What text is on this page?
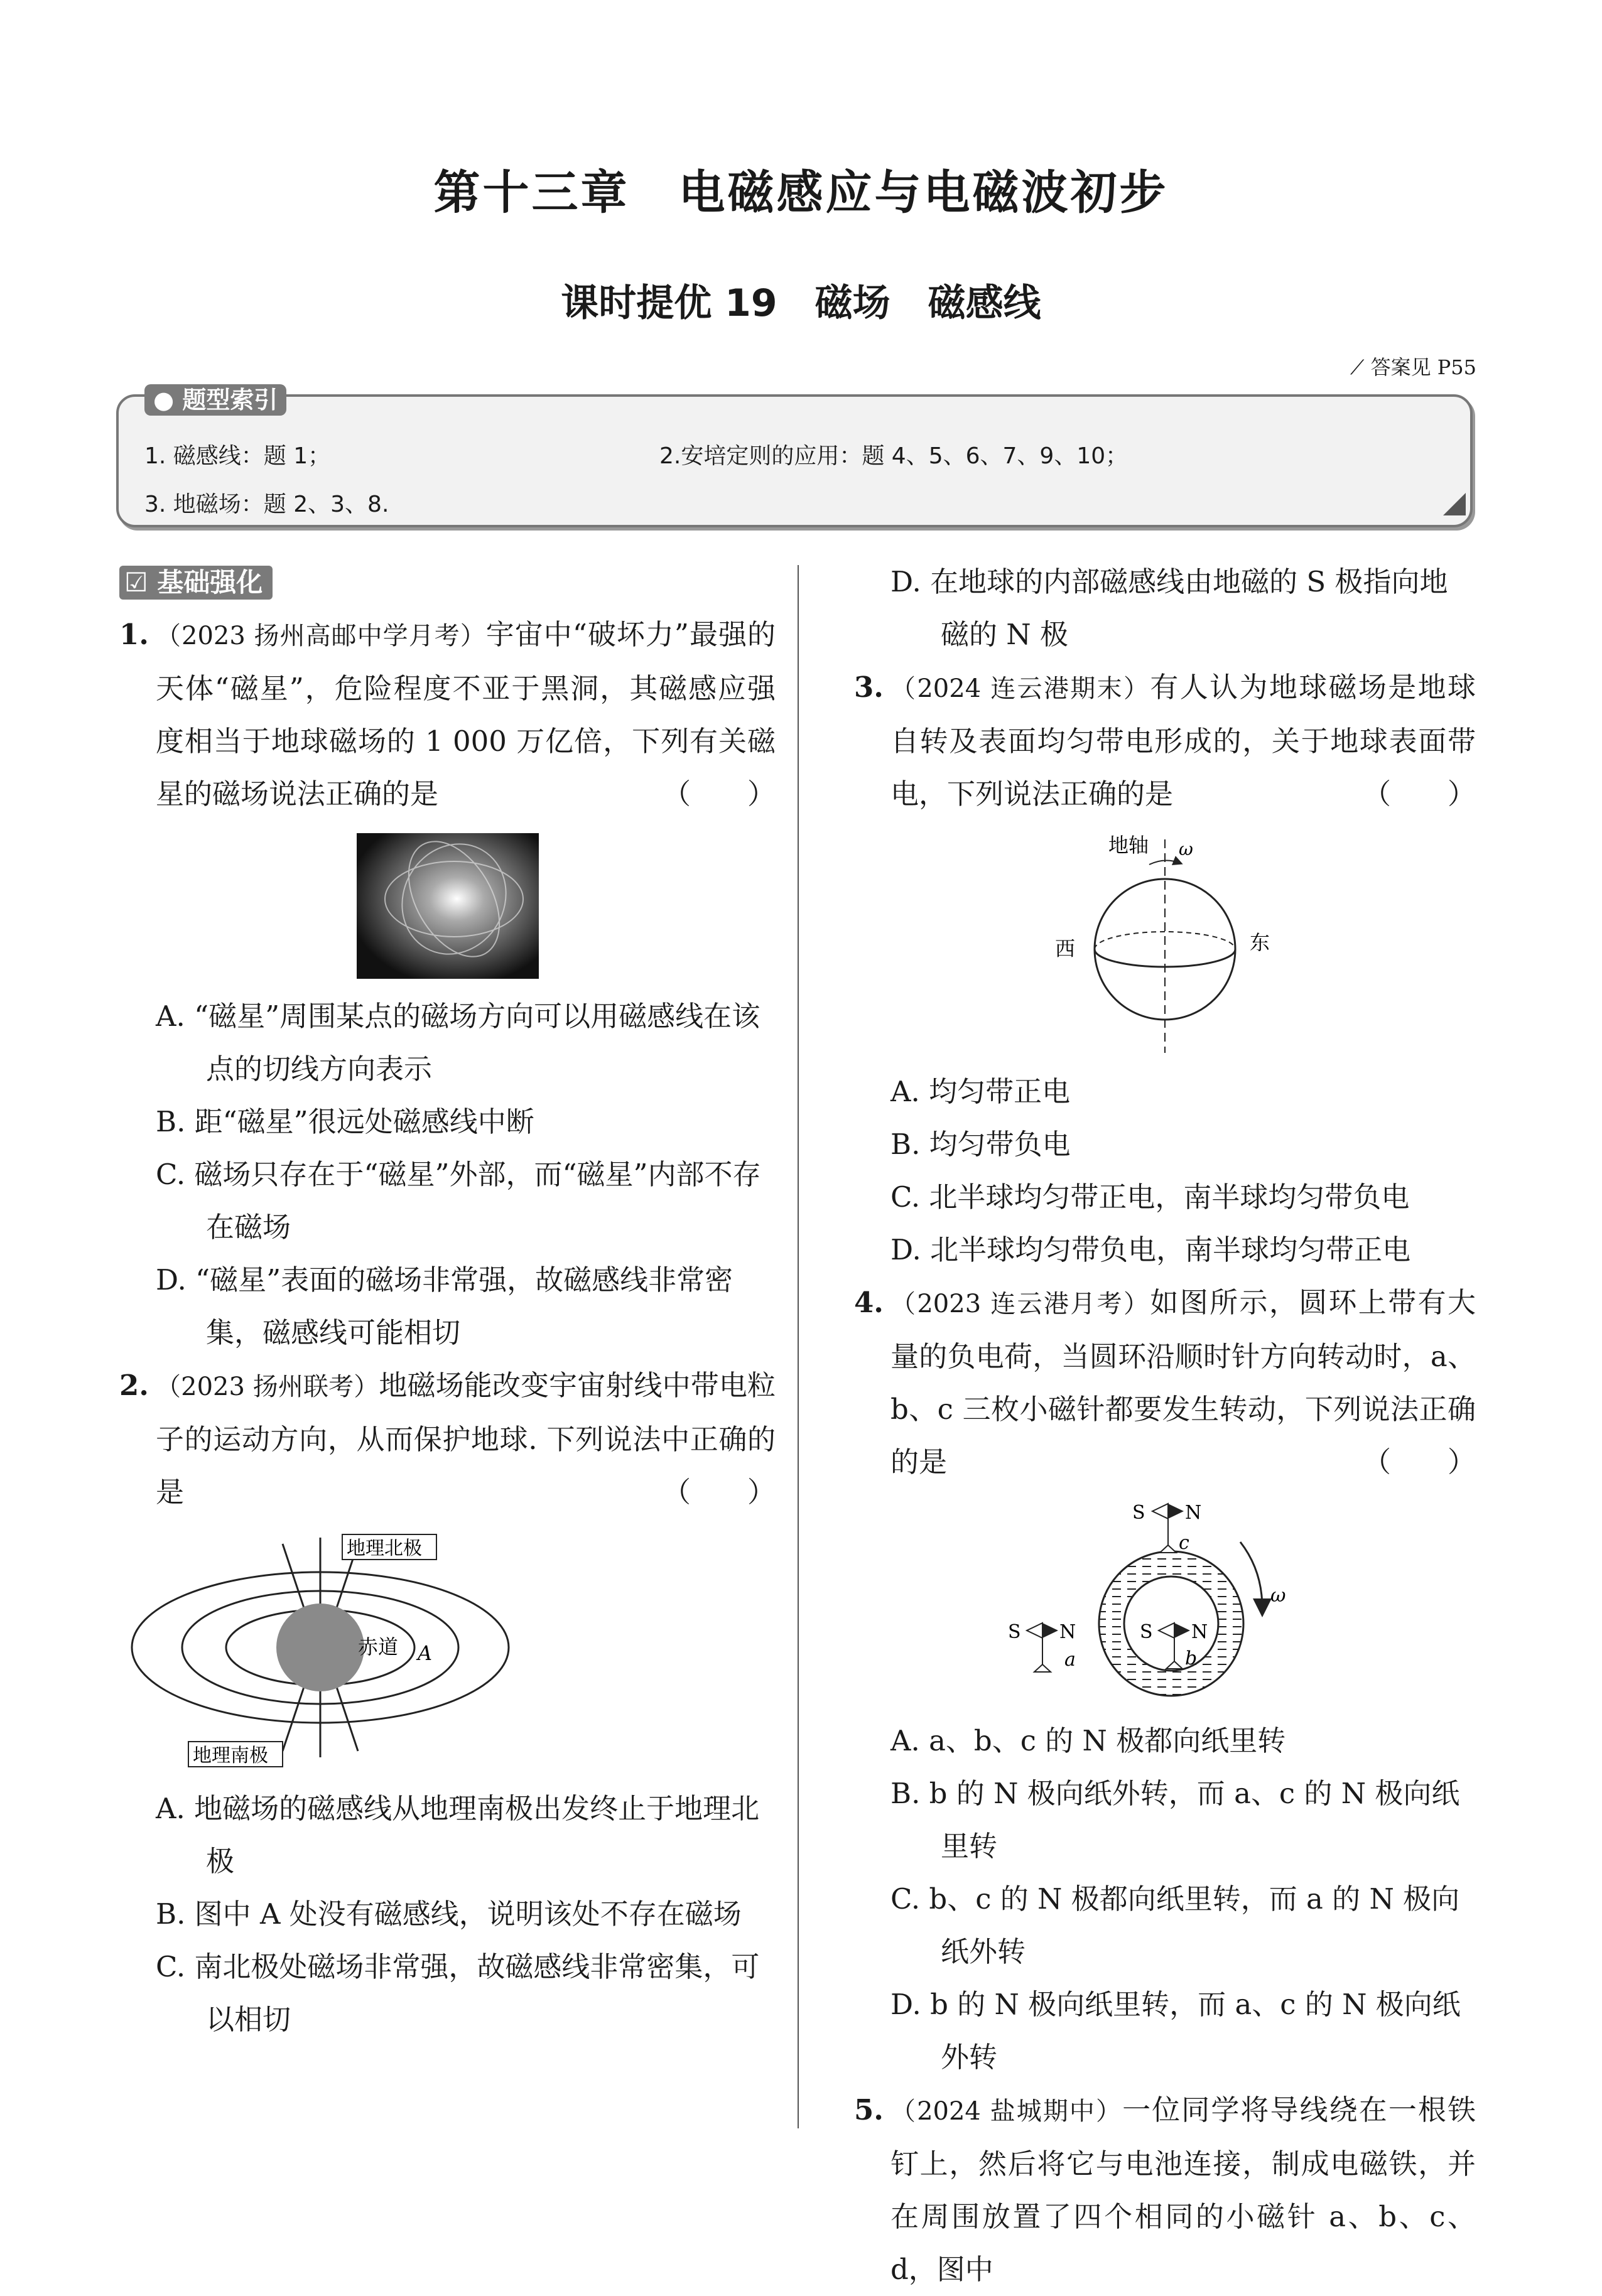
第十三章　电磁感应与电磁波初步
课时提优 19　磁场　磁感线
⟋ 答案见 P55
● 题型索引
1. 磁感线：题 1；	2.安培定则的应用：题 4、5、6、7、9、10；
3. 地磁场：题 2、3、8.
☑ 基础强化
1. （2023 扬州高邮中学月考）宇宙中“破坏力”最强的天体“磁星”，危险程度不亚于黑洞，其磁感应强度相当于地球磁场的 1 000 万亿倍，下列有关磁星的磁场说法正确的是	（　　）
A. “磁星”周围某点的磁场方向可以用磁感线在该点的切线方向表示
B. 距“磁星”很远处磁感线中断
C. 磁场只存在于“磁星”外部，而“磁星”内部不存在磁场
D. “磁星”表面的磁场非常强，故磁感线非常密集，磁感线可能相切
2. （2023 扬州联考）地磁场能改变宇宙射线中带电粒子的运动方向，从而保护地球. 下列说法中正确的是	（　　）
地理北极
地理南极
赤道 A
A. 地磁场的磁感线从地理南极出发终止于地理北极
B. 图中 A 处没有磁感线，说明该处不存在磁场
C. 南北极处磁场非常强，故磁感线非常密集，可以相切
D. 在地球的内部磁感线由地磁的 S 极指向地磁的 N 极
3. （2024 连云港期末）有人认为地球磁场是地球自转及表面均匀带电形成的，关于地球表面带电，下列说法正确的是	（　　）
地轴 ω
西	东
A. 均匀带正电
B. 均匀带负电
C. 北半球均匀带正电，南半球均匀带负电
D. 北半球均匀带负电，南半球均匀带正电
4. （2023 连云港月考）如图所示，圆环上带有大量的负电荷，当圆环沿顺时针方向转动时，a、b、c 三枚小磁针都要发生转动，下列说法正确的是	（　　）
ω
S N
c
S N
a
S N
b
A. a、b、c 的 N 极都向纸里转
B. b 的 N 极向纸外转，而 a、c 的 N 极向纸里转
C. b、c 的 N 极都向纸里转，而 a 的 N 极向纸外转
D. b 的 N 极向纸里转，而 a、c 的 N 极向纸外转
5. （2024 盐城期中）一位同学将导线绕在一根铁钉上，然后将它与电池连接，制成电磁铁，并在周围放置了四个相同的小磁针 a、b、c、d，图中
